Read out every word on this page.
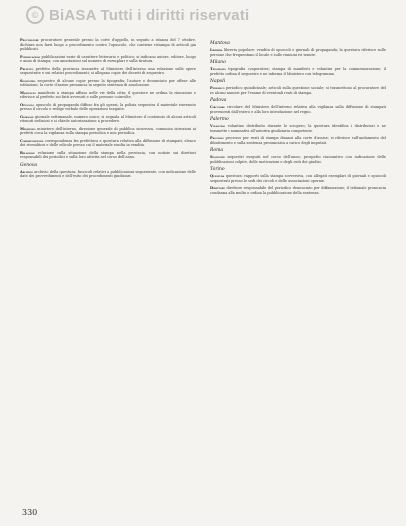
© BiASA Tutti i diritti riservati

Procuratore procuratore generale presso la corte d'appello, in seguito a istanza del 7 ottobre, dichiara non farsi luogo a procedimento contro l'opuscolo, che contiene ristampa di articoli gia pubblicati.

Pubblicazioni pubblicazioni varie di carattere letterario e politico; si indicano autore, editore, luogo e anno di stampa, con annotazioni sul numero di esemplari e sulla tiratura.

Prefetto prefetto della provincia trasmette al Ministero dell'interno una relazione sulle opere sequestrate e sui relativi procedimenti; si allegano copie dei decreti di sequestro.

Sequestro sequestro di alcune copie presso la tipografia; l'autore e denunciato per offese alle istituzioni; la corte d'assise pronuncia in seguito sentenza di assoluzione.

Manifesto manifesto a stampa affisso nelle vie della citta; il questore ne ordina la rimozione e riferisce al prefetto sui fatti avvenuti e sulle persone coinvolte.

Opuscolo opuscolo di propaganda diffuso fra gli operai; la polizia sequestra il materiale rinvenuto presso il circolo e redige verbale delle operazioni eseguite.

Giornale giornale settimanale, numero unico; si segnala al Ministero il contenuto di alcuni articoli ritenuti sediziosi e si chiede autorizzazione a procedere.

Ministero ministero dell'interno, direzione generale di pubblica sicurezza, comunica istruzioni ai prefetti circa la vigilanza sulla stampa periodica e non periodica.

Corrispondenza corrispondenza fra prefettura e questura relativa alla diffusione di stampati; elenco dei rivenditori e delle edicole presso cui il materiale risulta in vendita.

Relazione relazione sulla situazione della stampa nella provincia, con notizie sui direttori responsabili dei periodici e sulla loro attivita nel corso dell'anno.

Genova

Archivio archivio della questura: fascicoli relativi a pubblicazioni sequestrate, con indicazione delle date dei provvedimenti e dell'esito dei procedimenti giudiziari.

Mantova

Libreria libreria popolare: vendita di opuscoli e giornali di propaganda; la questura riferisce sulle persone che frequentano il locale e sulle riunioni ivi tenute.

Milano

Tipografia tipografia cooperativa; stampa di manifesti e volantini per la commemorazione; il prefetto ordina il sequestro e ne informa il Ministero con telegramma.

Napoli

Periodico periodico quindicinale; articoli sulla questione sociale; si trasmettono al procuratore del re alcuni numeri per l'esame di eventuali reati di stampa.

Padova

Circolare circolare del Ministero dell'interno relativa alla vigilanza sulla diffusione di stampati provenienti dall'estero e alla loro introduzione nel regno.

Palermo

Volantino volantino distribuito durante lo sciopero; la questura identifica i distributori e ne trasmette i nominativi all'autorita giudiziaria competente.

Processo processo per reati di stampa dinanzi alla corte d'assise; si riferisce sull'andamento del dibattimento e sulla sentenza pronunciata a carico degli imputati.

Roma

Sequestri sequestri eseguiti nel corso dell'anno; prospetto riassuntivo con indicazione delle pubblicazioni colpite, delle motivazioni e degli esiti dei giudizi.

Torino

Questura questura: rapporti sulla stampa sovversiva, con allegati esemplari di giornali e opuscoli sequestrati presso le sedi dei circoli e delle associazioni operaie.

Direttore direttore responsabile del periodico denunciato per diffamazione; il tribunale pronuncia condanna alla multa e ordina la pubblicazione della sentenza.

330
